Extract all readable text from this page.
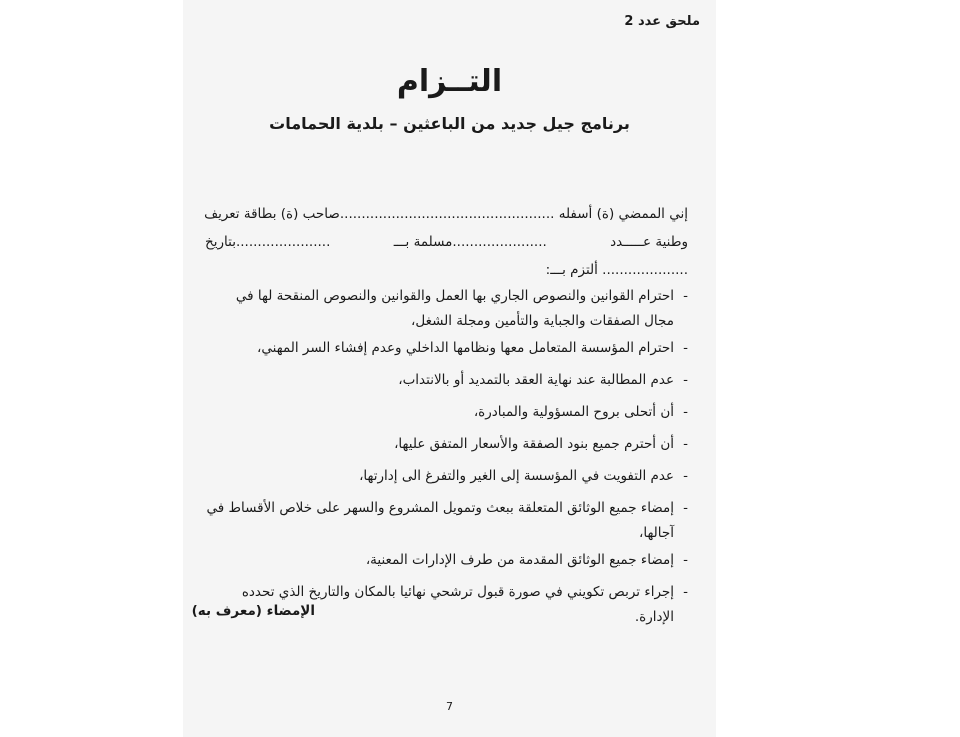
ملحق عدد 2
التــزام
برنامج جيل جديد من الباعثين – بلدية الحمامات
إني الممضي (ة) أسفله ..................................................
صاحب (ة) بطاقة تعريف
وطنية عـــــدد
......................مسلمة بـــ
......................بتاريخ
.................... ألتزم بـــ:
-
احترام القوانين والنصوص الجاري بها العمل والقوانين والنصوص المنقحة لها في مجال الصفقات والجباية والتأمين ومجلة الشغل،
-
احترام المؤسسة المتعامل معها ونظامها الداخلي وعدم إفشاء السر المهني،
-
عدم المطالبة عند نهاية العقد بالتمديد أو بالانتداب،
-
أن أتحلى بروح المسؤولية والمبادرة،
-
أن أحترم جميع بنود الصفقة والأسعار المتفق عليها،
-
عدم التفويت في المؤسسة إلى الغير والتفرغ الى إدارتها،
-
إمضاء جميع الوثائق المتعلقة ببعث وتمويل المشروع والسهر على خلاص الأقساط في آجالها،
-
إمضاء جميع الوثائق المقدمة من طرف الإدارات المعنية،
-
إجراء تربص تكويني في صورة قبول ترشحي نهائيا بالمكان والتاريخ الذي تحدده الإدارة.
الإمضاء (معرف به)
7
